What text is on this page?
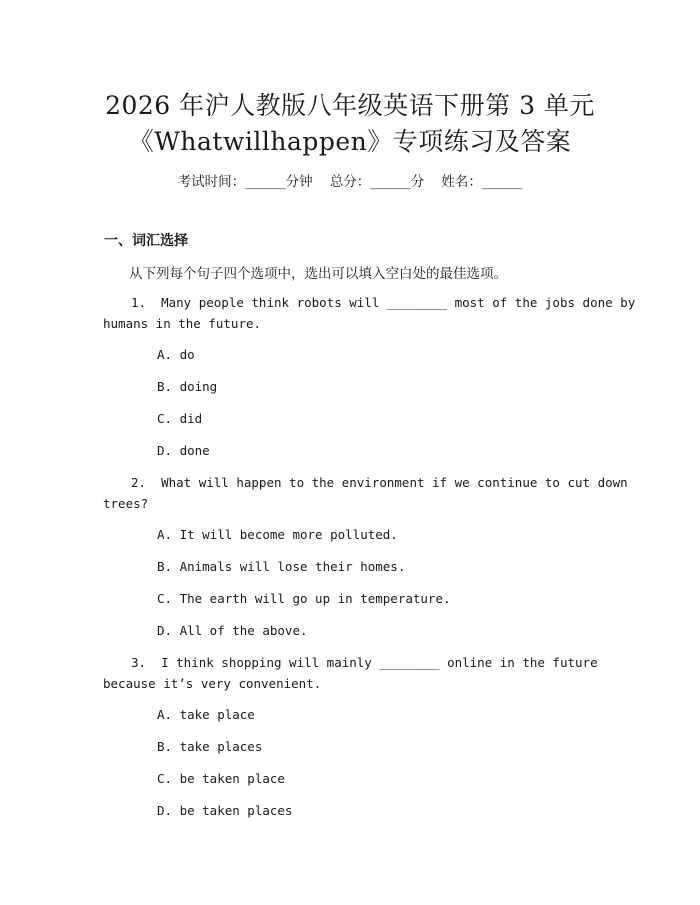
2026 年沪人教版八年级英语下册第 3 单元
《Whatwillhappen》专项练习及答案
考试时间：______分钟    总分：______分    姓名：______
一、词汇选择
从下列每个句子四个选项中，选出可以填入空白处的最佳选项。
1.  Many people think robots will ________ most of the jobs done by
humans in the future.
A. do
B. doing
C. did
D. done
2.  What will happen to the environment if we continue to cut down
trees?
A. It will become more polluted.
B. Animals will lose their homes.
C. The earth will go up in temperature.
D. All of the above.
3.  I think shopping will mainly ________ online in the future
because it’s very convenient.
A. take place
B. take places
C. be taken place
D. be taken places
